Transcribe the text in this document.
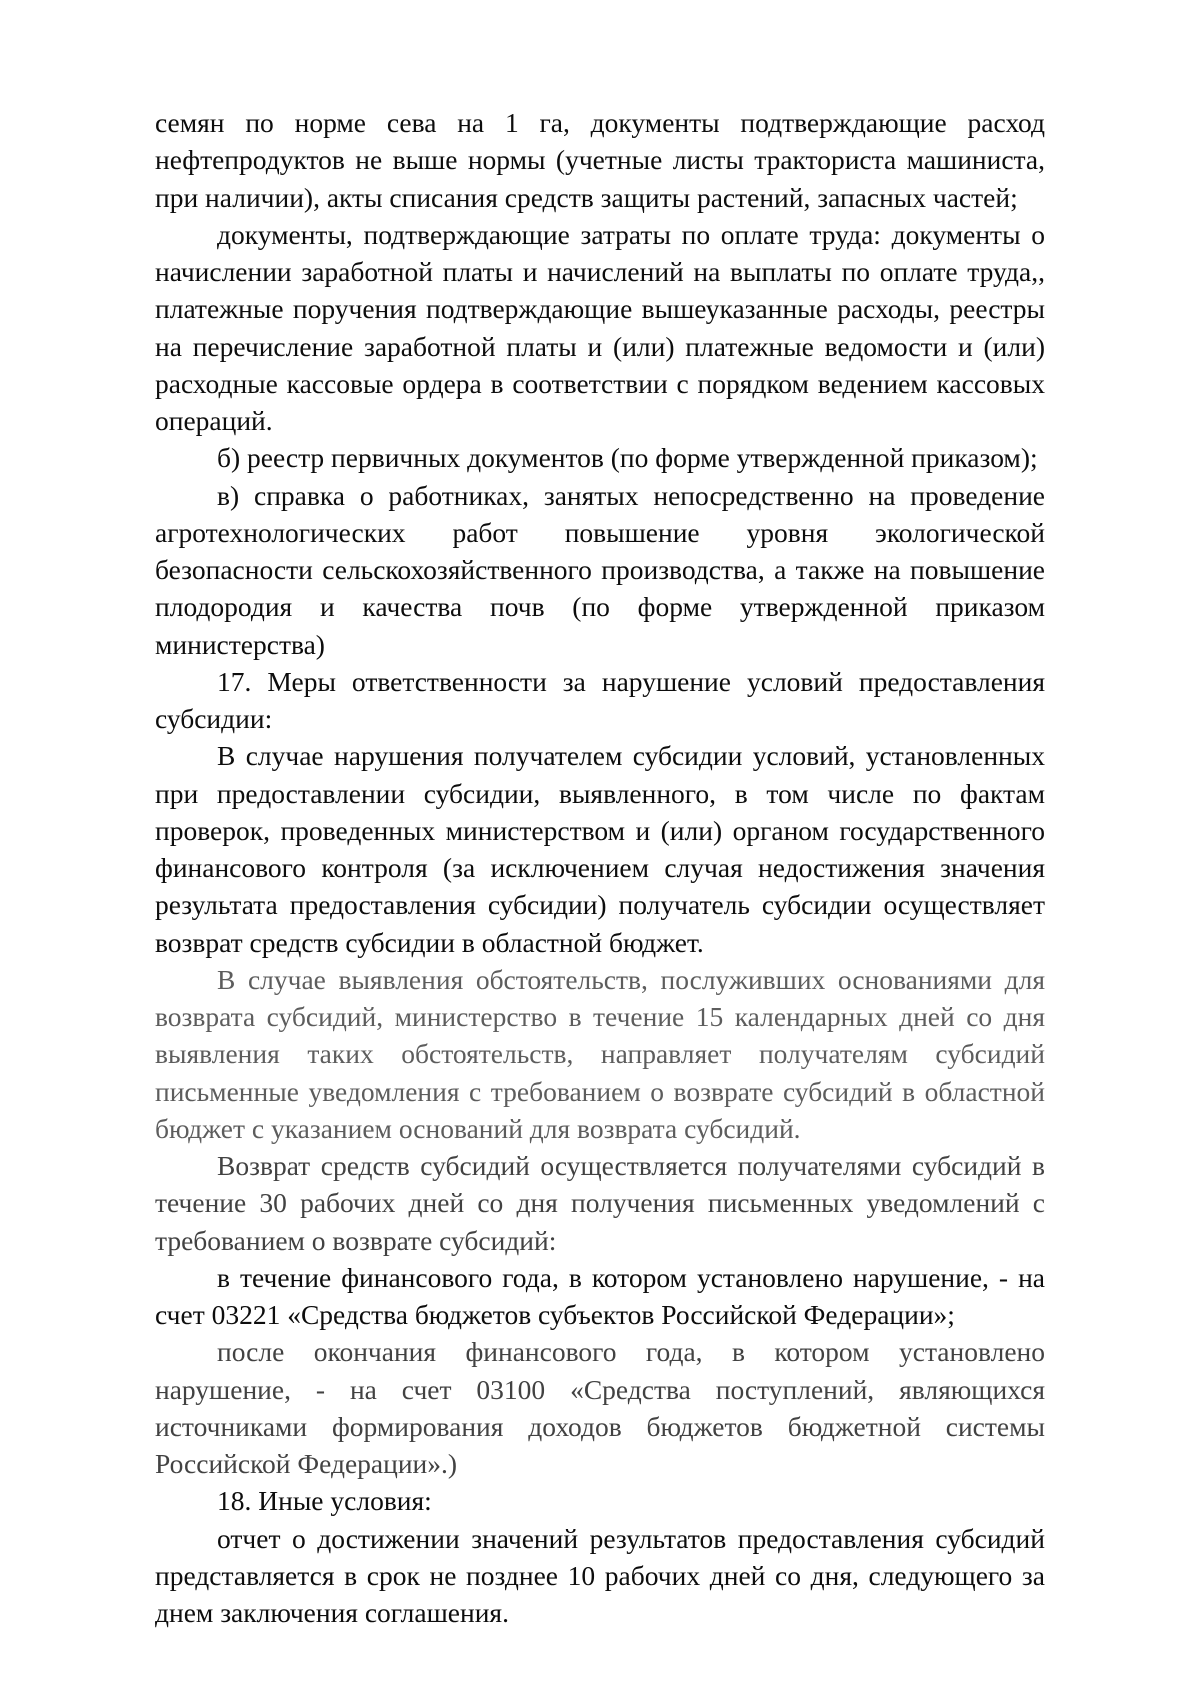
семян по норме сева на 1 га, документы подтверждающие расход нефтепродуктов не выше нормы (учетные листы тракториста машиниста, при наличии), акты списания средств защиты растений, запасных частей;

документы, подтверждающие затраты по оплате труда: документы о начислении заработной платы и начислений на выплаты по оплате труда,, платежные поручения подтверждающие вышеуказанные расходы, реестры на перечисление заработной платы и (или) платежные ведомости и (или) расходные кассовые ордера в соответствии с порядком ведением кассовых операций.

б) реестр первичных документов (по форме утвержденной приказом);

в) справка о работниках, занятых непосредственно на проведение агротехнологических работ повышение уровня экологической безопасности сельскохозяйственного производства, а также на повышение плодородия и качества почв (по форме утвержденной приказом министерства)

17. Меры ответственности за нарушение условий предоставления субсидии:

В случае нарушения получателем субсидии условий, установленных при предоставлении субсидии, выявленного, в том числе по фактам проверок, проведенных министерством и (или) органом государственного финансового контроля (за исключением случая недостижения значения результата предоставления субсидии) получатель субсидии осуществляет возврат средств субсидии в областной бюджет.

В случае выявления обстоятельств, послуживших основаниями для возврата субсидий, министерство в течение 15 календарных дней со дня выявления таких обстоятельств, направляет получателям субсидий письменные уведомления с требованием о возврате субсидий в областной бюджет с указанием оснований для возврата субсидий.

Возврат средств субсидий осуществляется получателями субсидий в течение 30 рабочих дней со дня получения письменных уведомлений с требованием о возврате субсидий:

в течение финансового года, в котором установлено нарушение, - на счет 03221 «Средства бюджетов субъектов Российской Федерации»;

после окончания финансового года, в котором установлено нарушение, - на счет 03100 «Средства поступлений, являющихся источниками формирования доходов бюджетов бюджетной системы Российской Федерации».)

18. Иные условия:

отчет о достижении значений результатов предоставления субсидий представляется в срок не позднее 10 рабочих дней со дня, следующего за днем заключения соглашения.
